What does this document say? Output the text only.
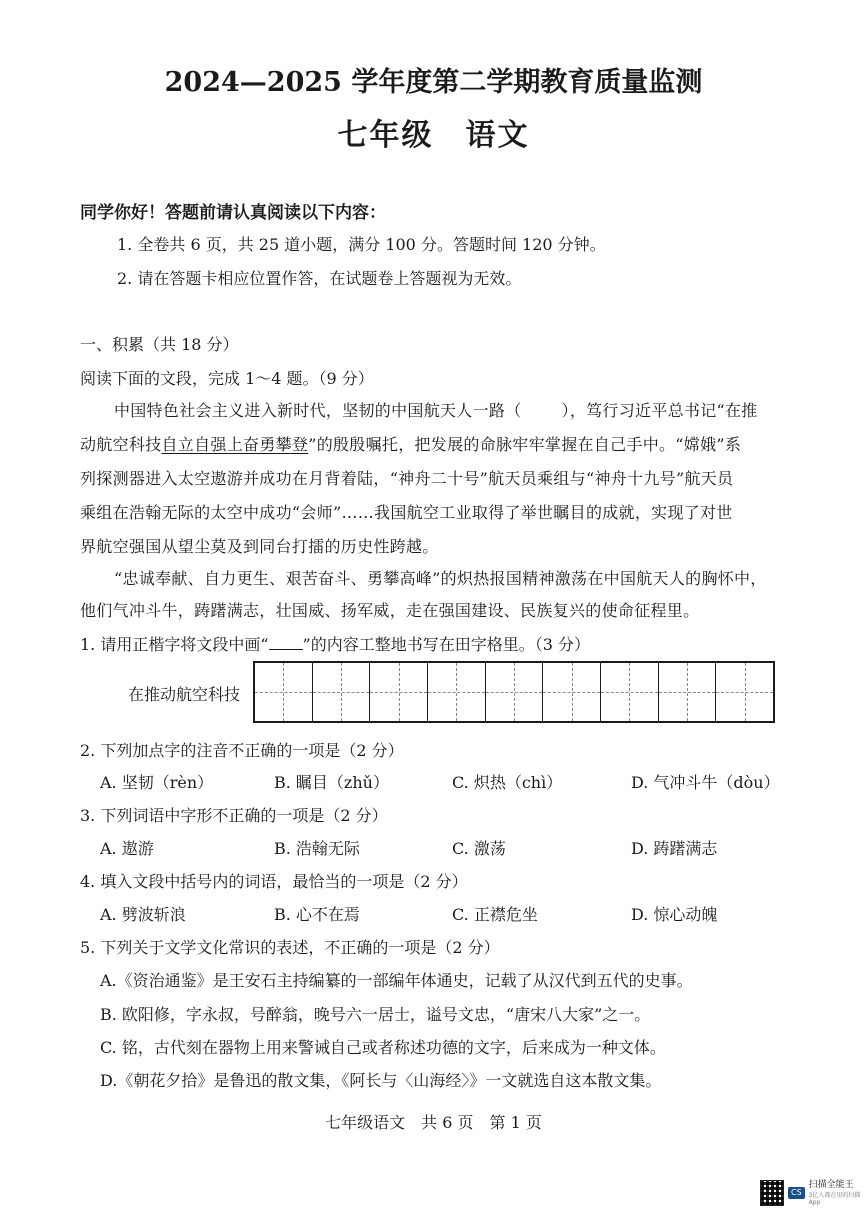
2024—2025 学年度第二学期教育质量监测
七年级　语文
同学你好！答题前请认真阅读以下内容：
1. 全卷共 6 页，共 25 道小题，满分 100 分。答题时间 120 分钟。
2. 请在答题卡相应位置作答，在试题卷上答题视为无效。
一、积累（共 18 分）
阅读下面的文段，完成 1～4 题。（9 分）
中国特色社会主义进入新时代，坚韧的中国航天人一路（	），笃行习近平总书记“在推
动航空科技自立自强上奋勇攀登”的殷殷嘱托，把发展的命脉牢牢掌握在自己手中。“嫦娥”系
列探测器进入太空遨游并成功在月背着陆，“神舟二十号”航天员乘组与“神舟十九号”航天员
乘组在浩翰无际的太空中成功“会师”……我国航空工业取得了举世瞩目的成就，实现了对世
界航空强国从望尘莫及到同台打擂的历史性跨越。
“忠诚奉献、自力更生、艰苦奋斗、勇攀高峰”的炽热报国精神激荡在中国航天人的胸怀中，
他们气冲斗牛，踌躇满志，壮国威、扬军威，走在强国建设、民族复兴的使命征程里。
1. 请用正楷字将文段中画“ ”的内容工整地书写在田字格里。（3 分）
在推动航空科技
2. 下列加点字的注音不正确的一项是（2 分）
A. 坚韧（rèn）	B. 瞩目（zhǔ）	C. 炽热（chì）	D. 气冲斗牛（dòu）
3. 下列词语中字形不正确的一项是（2 分）
A. 遨游	B. 浩翰无际	C. 激荡	D. 踌躇满志
4. 填入文段中括号内的词语，最恰当的一项是（2 分）
A. 劈波斩浪	B. 心不在焉	C. 正襟危坐	D. 惊心动魄
5. 下列关于文学文化常识的表述，不正确的一项是（2 分）
A.《资治通鉴》是王安石主持编纂的一部编年体通史，记载了从汉代到五代的史事。
B. 欧阳修，字永叔，号醉翁，晚号六一居士，谥号文忠，“唐宋八大家”之一。
C. 铭，古代刻在器物上用来警诫自己或者称述功德的文字，后来成为一种文体。
D.《朝花夕拾》是鲁迅的散文集，《阿长与〈山海经〉》一文就选自这本散文集。
七年级语文　共 6 页　第 1 页
CS
扫描全能王
3亿人都在用的扫描App
